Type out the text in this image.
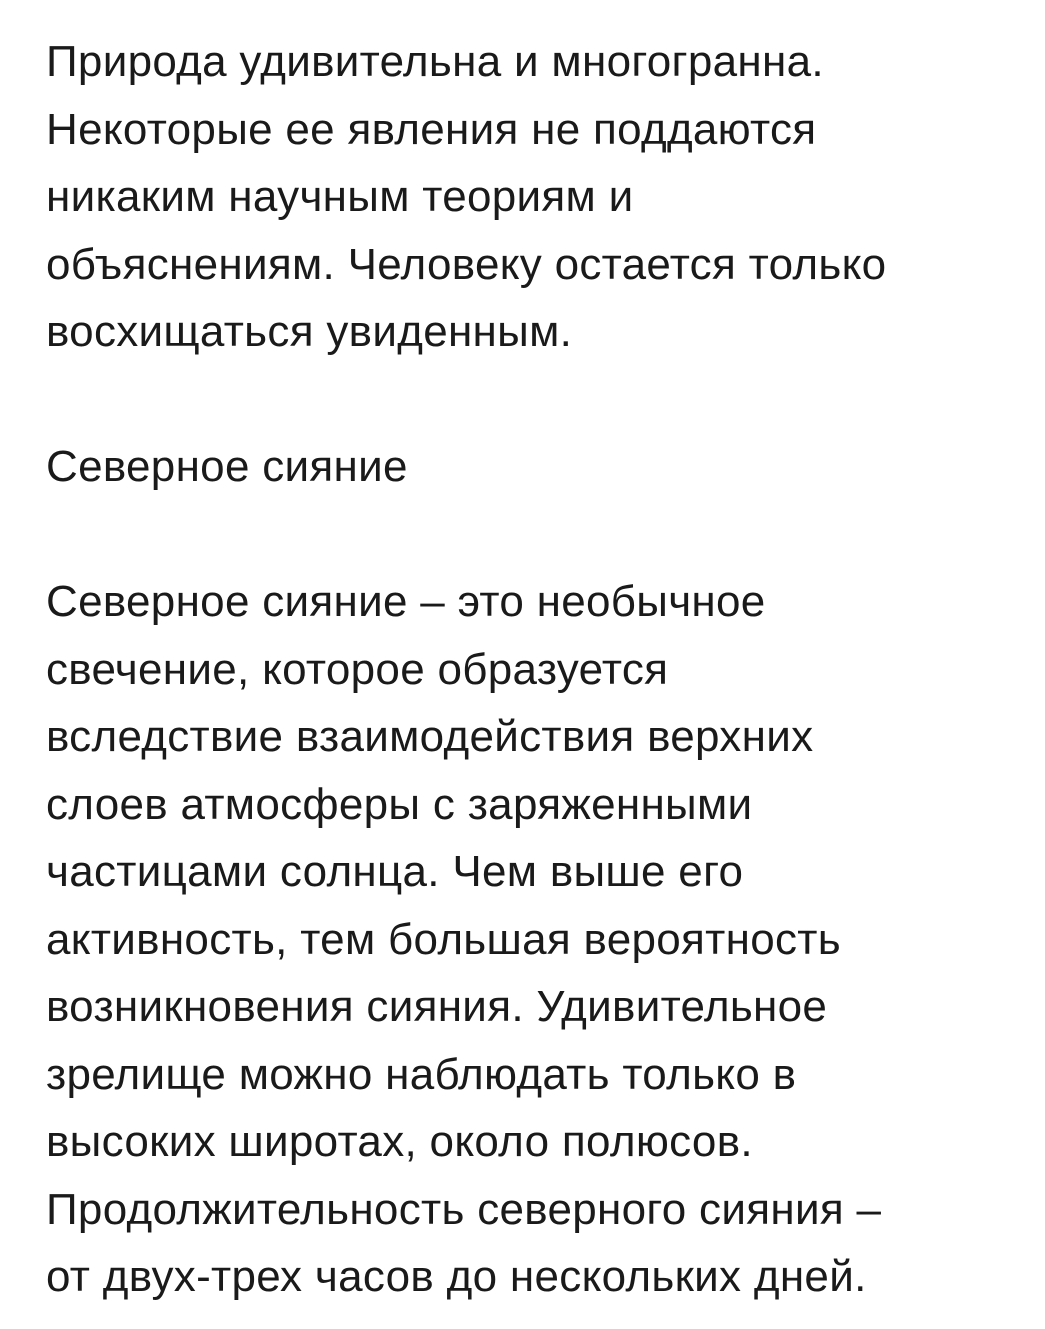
Природа удивительна и многогранна.
Некоторые ее явления не поддаются
никаким научным теориям и
объяснениям. Человеку остается только
восхищаться увиденным.
Северное сияние
Северное сияние – это необычное
свечение, которое образуется
вследствие взаимодействия верхних
слоев атмосферы с заряженными
частицами солнца. Чем выше его
активность, тем большая вероятность
возникновения сияния. Удивительное
зрелище можно наблюдать только в
высоких широтах, около полюсов.
Продолжительность северного сияния –
от двух-трех часов до нескольких дней.
